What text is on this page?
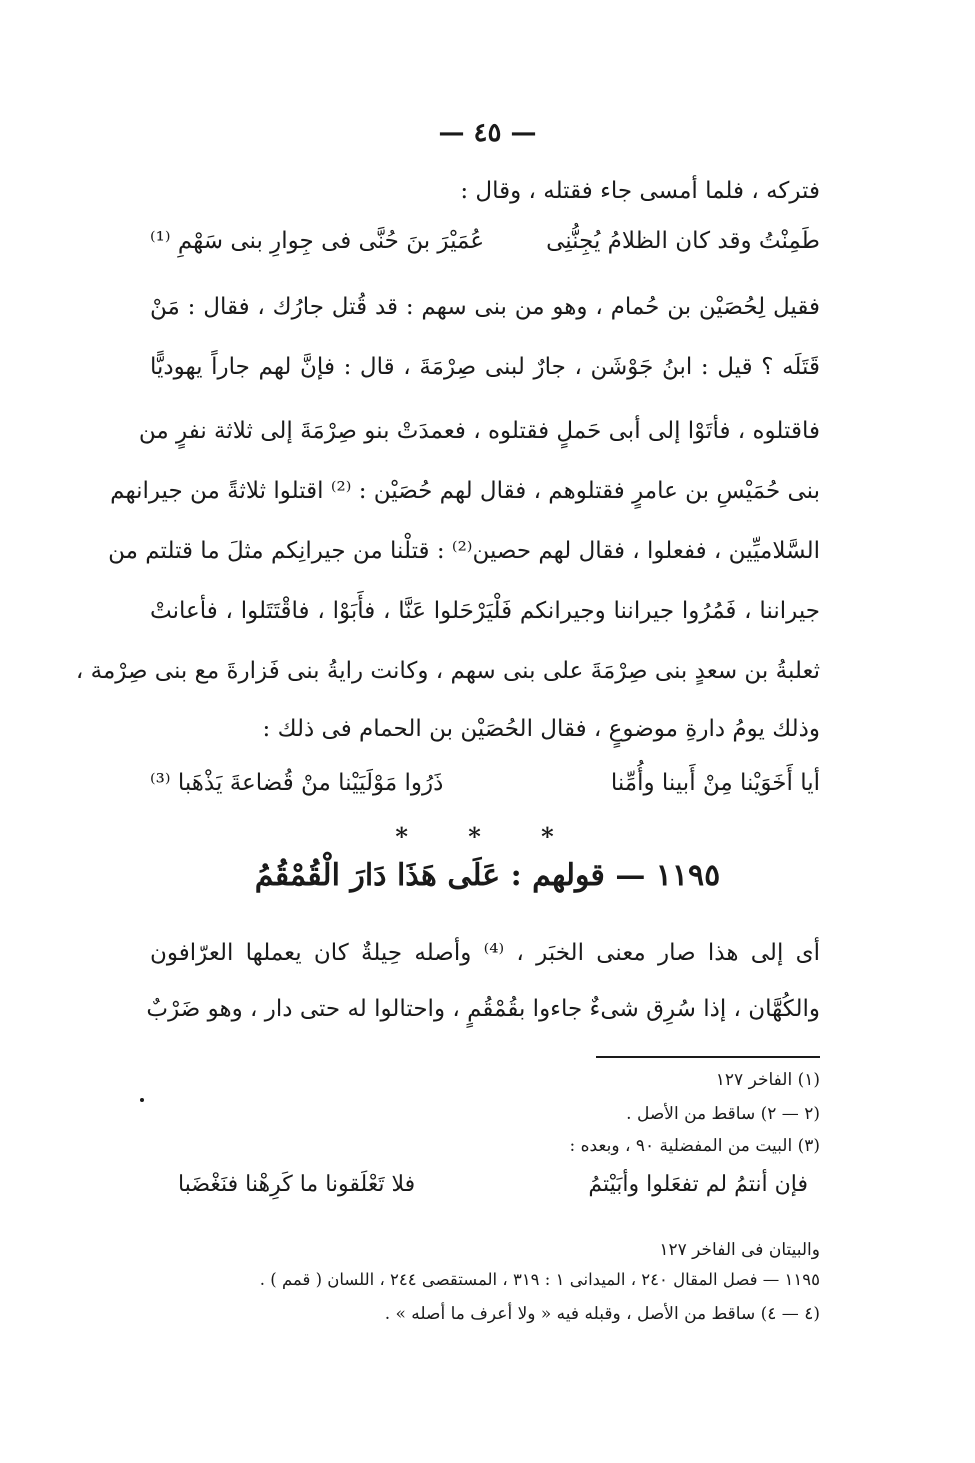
— ٤٥ —
فتركه ، فلما أمسى جاء فقتله ، وقال :
طَمِنْتُ وقد كان الظلامُ يُجِنُّنِى
عُمَيْرَ بنَ حُنَّى فى جِوارِ بنى سَهْمِ ⁽¹⁾
فقيل لِحُصَيْن بن حُمام ، وهو من بنى سهم : قد قُتل جارُك ، فقال : مَنْ
قَتَلَه ؟ قيل : ابنُ جَوْشَن ، جارٌ لبنى صِرْمَةَ ، قال : فإنَّ لهم جاراً يهوديًّا
فاقتلوه ، فأتَوْا إلى أبى حَملٍ فقتلوه ، فعمدَتْ بنو صِرْمَةَ إلى ثلاثة نفرٍ من
بنى حُمَيْسِ بن عامرٍ فقتلوهم ، فقال لهم حُصَيْن : ⁽²⁾ اقتلوا ثلاثةً من جيرانهم
السَّلاميِّين ، ففعلوا ، فقال لهم حصين⁽²⁾ : قتلْنا من جيرانِكم مثلَ ما قتلتم من
جيراننا ، فَمُرُوا جيراننا وجيرانكم فَلْيَرْحَلوا عَنَّا ، فأَبَوْا ، فاقْتَتَلوا ، فأعانتْ
ثعلبةُ بن سعدٍ بنى صِرْمَةَ على بنى سهم ، وكانت رايةُ بنى فَزارةَ مع بنى صِرْمة ،
وذلك يومُ دارةِ موضوعٍ ، فقال الحُصَيْن بن الحمام فى ذلك :
أيا أَخَوَيْنا مِنْ أَبينا وأُمِّنا
ذَرُوا مَوْلَيَيْنا منْ قُضاعةَ يَذْهَبا ⁽³⁾
أى إلى هذا صار معنى الخبَر ، ⁽⁴⁾ وأصله حِيلةٌ كان يعملها العرّافون
والكُهَّان ، إذا سُرِق شىءٌ جاءوا بقُمْقُمٍ ، واحتالوا له حتى دار ، وهو ضَرْبٌ
* * *
١١٩٥ — قولهم : عَلَى هَذَا دَارَ الْقُمْقُمُ
(١) الفاخر ١٢٧
(٢ — ٢) ساقط من الأصل .
(٣) البيت من المفضلية ٩٠ ، وبعده :
فإن أنتمُ لم تفعَلوا وأبَيْتمُ
فلا تَعْلَقونا ما كَرِهْنا فنَغْضَبا
والبيتان فى الفاخر ١٢٧
١١٩٥ — فصل المقال ٢٤٠ ، الميدانى ١ : ٣١٩ ، المستقصى ٢٤٤ ، اللسان ( قمم ) .
(٤ — ٤) ساقط من الأصل ، وقبله فيه « ولا أعرف ما أصله » .
